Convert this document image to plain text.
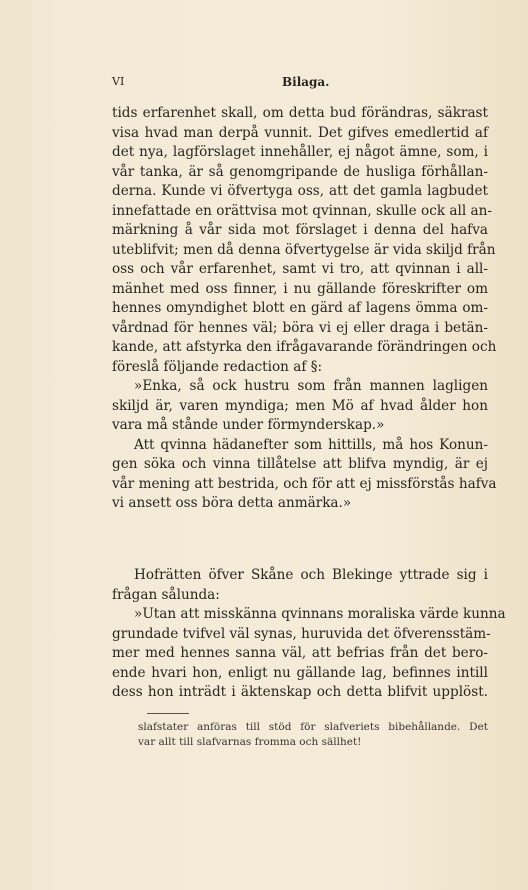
VI	Bilaga.
tids erfarenhet skall, om detta bud förändras, säkrast
visa hvad man derpå vunnit. Det gifves emedlertid af
det nya, lagförslaget innehåller, ej något ämne, som, i
vår tanka, är så genomgripande de husliga förhållan-
derna. Kunde vi öfvertyga oss, att det gamla lagbudet
innefattade en orättvisa mot qvinnan, skulle ock all an-
märkning å vår sida mot förslaget i denna del hafva
uteblifvit; men då denna öfvertygelse är vida skiljd från
oss och vår erfarenhet, samt vi tro, att qvinnan i all-
mänhet med oss finner, i nu gällande föreskrifter om
hennes omyndighet blott en gärd af lagens ömma om-
vårdnad för hennes väl; böra vi ej eller draga i betän-
kande, att afstyrka den ifrågavarande förändringen och
föreslå följande redaction af §:
»Enka, så ock hustru som från mannen lagligen
skiljd är, varen myndiga; men Mö af hvad ålder hon
vara må stånde under förmynderskap.»
Att qvinna hädanefter som hittills, må hos Konun-
gen söka och vinna tillåtelse att blifva myndig, är ej
vår mening att bestrida, och för att ej missförstås hafva
vi ansett oss böra detta anmärka.»
Hofrätten öfver Skåne och Blekinge yttrade sig i
frågan sålunda:
»Utan att misskänna qvinnans moraliska värde kunna
grundade tvifvel väl synas, huruvida det öfverensstäm-
mer med hennes sanna väl, att befrias från det bero-
ende hvari hon, enligt nu gällande lag, befinnes intill
dess hon inträdt i äktenskap och detta blifvit upplöst.
slafstater anföras till stöd för slafveriets bibehållande. Det
var allt till slafvarnas fromma och sällhet!
